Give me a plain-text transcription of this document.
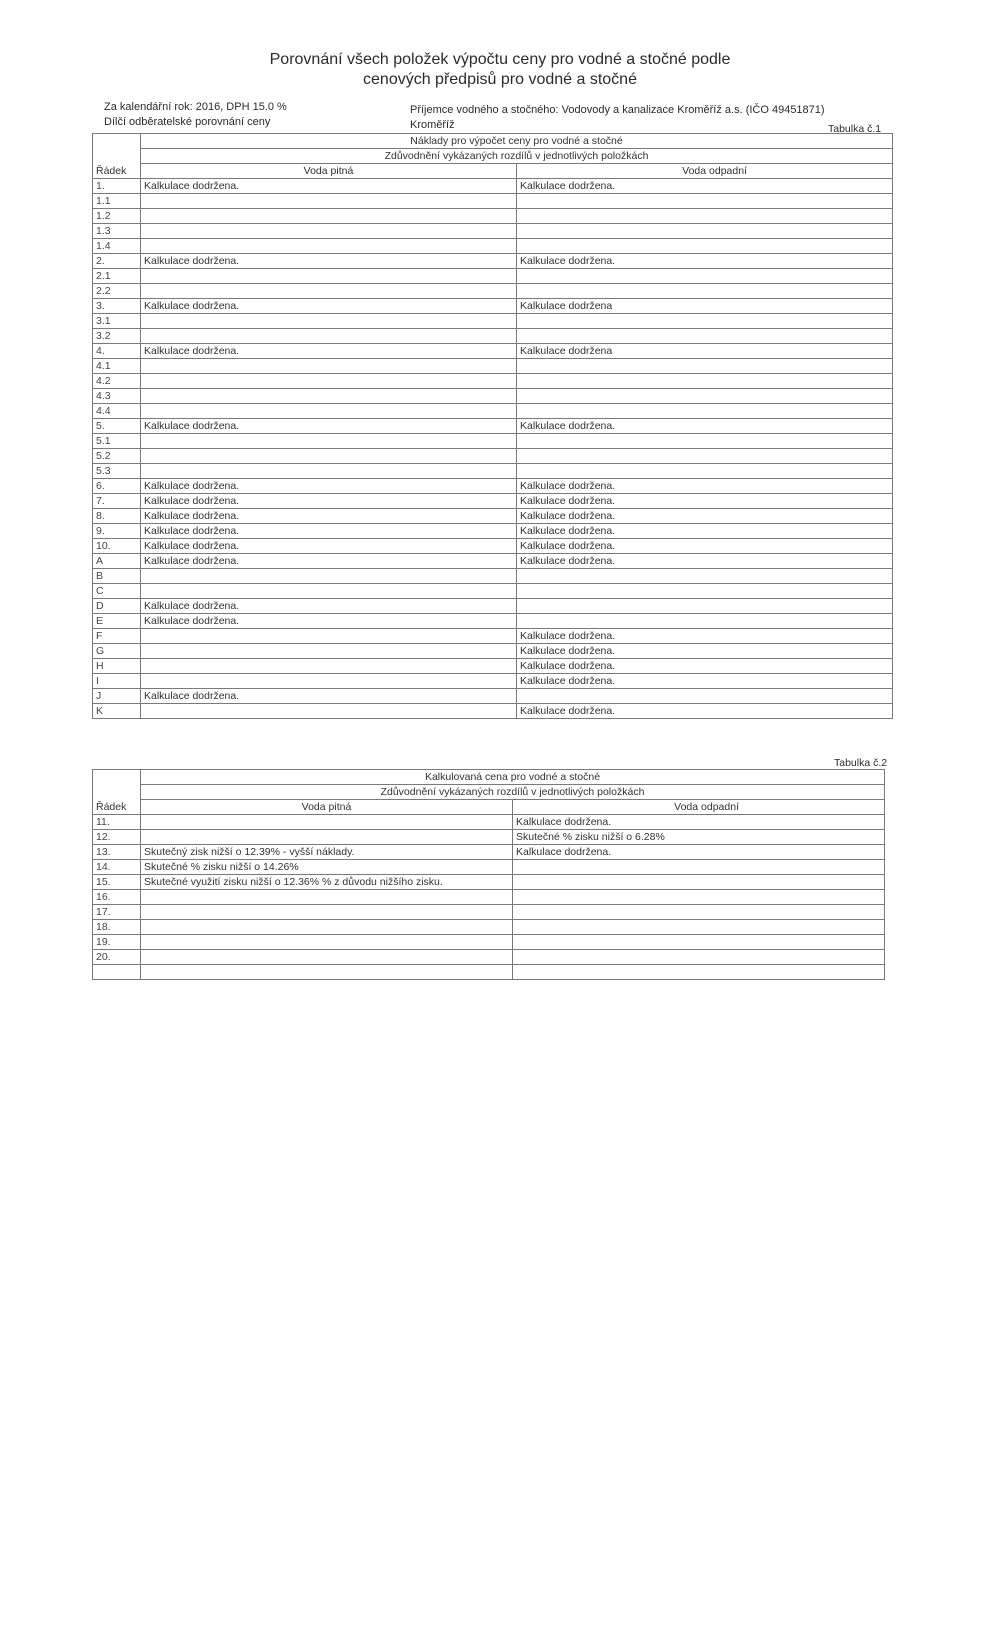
Porovnání všech položek výpočtu ceny pro vodné a stočné podle
cenových předpisů pro vodné a stočné
Za kalendářní rok: 2016, DPH 15.0 %
Dílčí odběratelské porovnání ceny
Příjemce vodného a stočného: Vodovody a kanalizace Kroměříž a.s. (IČO 49451871)
Kroměříž	Tabulka č.1
	Náklady pro výpočet ceny pro vodné a stočné	
	Zdůvodnění vykázaných rozdílů v jednotlivých položkách	
Řádek	Voda pitná	Voda odpadní
1.	Kalkulace dodržena.	Kalkulace dodržena.
1.1		
1.2		
1.3		
1.4		
2.	Kalkulace dodržena.	Kalkulace dodržena.
2.1		
2.2		
3.	Kalkulace dodržena.	Kalkulace dodržena
3.1		
3.2		
4.	Kalkulace dodržena.	Kalkulace dodržena
4.1		
4.2		
4.3		
4.4		
5.	Kalkulace dodržena.	Kalkulace dodržena.
5.1		
5.2		
5.3		
6.	Kalkulace dodržena.	Kalkulace dodržena.
7.	Kalkulace dodržena.	Kalkulace dodržena.
8.	Kalkulace dodržena.	Kalkulace dodržena.
9.	Kalkulace dodržena.	Kalkulace dodržena.
10.	Kalkulace dodržena.	Kalkulace dodržena.
A	Kalkulace dodržena.	Kalkulace dodržena.
B		
C		
D	Kalkulace dodržena.	
E	Kalkulace dodržena.	
F		Kalkulace dodržena.
G		Kalkulace dodržena.
H		Kalkulace dodržena.
I		Kalkulace dodržena.
J	Kalkulace dodržena.	
K		Kalkulace dodržena.
Tabulka č.2
	Kalkulovaná cena pro vodné a stočné	
	Zdůvodnění vykázaných rozdílů v jednotlivých položkách	
Řádek	Voda pitná	Voda odpadní
11.		Kalkulace dodržena.
12.		Skutečné % zisku nižší o 6.28%
13.	Skutečný zisk nižší o 12.39% - vyšší náklady.	Kalkulace dodržena.
14.	Skutečné % zisku nižší o 14.26%	
15.	Skutečné využití zisku nižší o 12.36% % z důvodu nižšího zisku.	
16.		
17.		
18.		
19.		
20.		
